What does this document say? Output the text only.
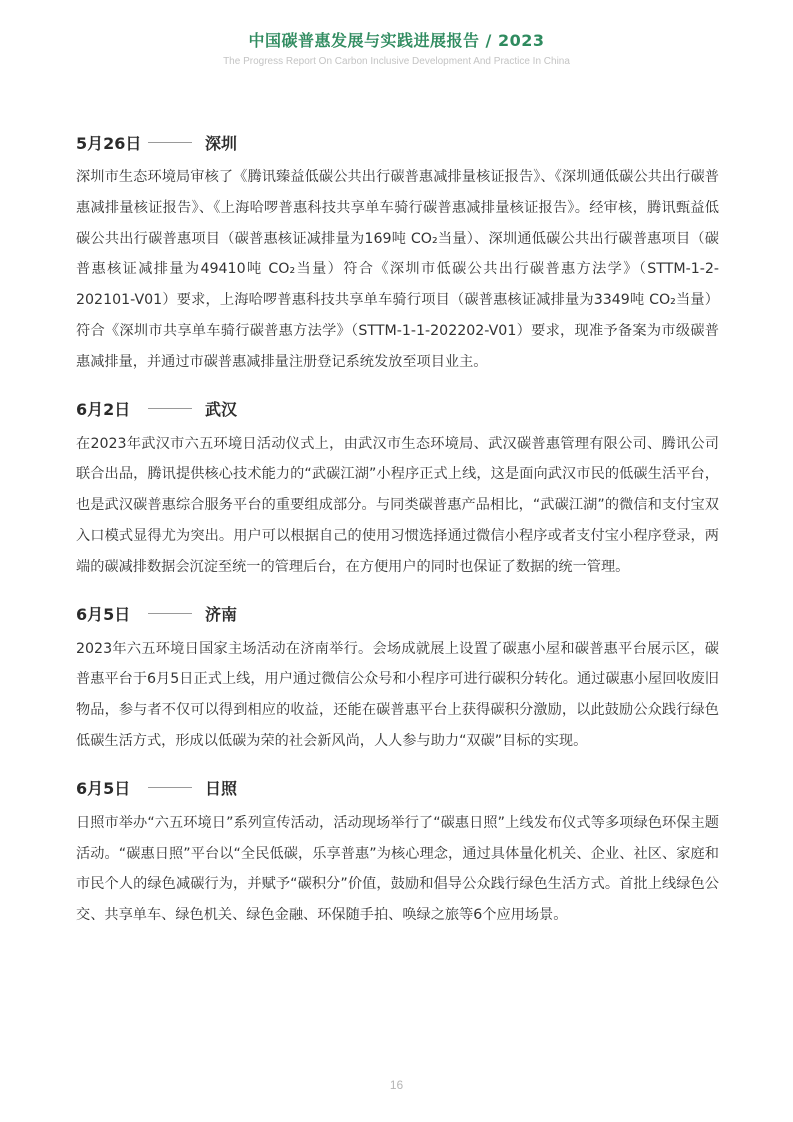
中国碳普惠发展与实践进展报告 / 2023
The Progress Report On Carbon Inclusive Development And Practice In China
5月26日	深圳

深圳市生态环境局审核了《腾讯臻益低碳公共出行碳普惠减排量核证报告》、《深圳通低碳公共出行碳普惠减排量核证报告》、《上海哈啰普惠科技共享单车骑行碳普惠减排量核证报告》。经审核，腾讯甄益低碳公共出行碳普惠项目（碳普惠核证减排量为169吨 CO₂当量）、深圳通低碳公共出行碳普惠项目（碳普惠核证减排量为49410吨 CO₂当量）符合《深圳市低碳公共出行碳普惠方法学》（STTM-1-2-202101-V01）要求，上海哈啰普惠科技共享单车骑行项目（碳普惠核证减排量为3349吨 CO₂当量）符合《深圳市共享单车骑行碳普惠方法学》（STTM-1-1-202202-V01）要求，现准予备案为市级碳普惠减排量，并通过市碳普惠减排量注册登记系统发放至项目业主。

6月2日	武汉

在2023年武汉市六五环境日活动仪式上，由武汉市生态环境局、武汉碳普惠管理有限公司、腾讯公司联合出品，腾讯提供核心技术能力的“武碳江湖”小程序正式上线，这是面向武汉市民的低碳生活平台，也是武汉碳普惠综合服务平台的重要组成部分。与同类碳普惠产品相比，“武碳江湖”的微信和支付宝双入口模式显得尤为突出。用户可以根据自己的使用习惯选择通过微信小程序或者支付宝小程序登录，两端的碳减排数据会沉淀至统一的管理后台，在方便用户的同时也保证了数据的统一管理。

6月5日	济南

2023年六五环境日国家主场活动在济南举行。会场成就展上设置了碳惠小屋和碳普惠平台展示区，碳普惠平台于6月5日正式上线，用户通过微信公众号和小程序可进行碳积分转化。通过碳惠小屋回收废旧物品，参与者不仅可以得到相应的收益，还能在碳普惠平台上获得碳积分激励，以此鼓励公众践行绿色低碳生活方式，形成以低碳为荣的社会新风尚，人人参与助力“双碳”目标的实现。

6月5日	日照

日照市举办“六五环境日”系列宣传活动，活动现场举行了“碳惠日照”上线发布仪式等多项绿色环保主题活动。“碳惠日照”平台以“全民低碳，乐享普惠”为核心理念，通过具体量化机关、企业、社区、家庭和市民个人的绿色减碳行为，并赋予“碳积分”价值，鼓励和倡导公众践行绿色生活方式。首批上线绿色公交、共享单车、绿色机关、绿色金融、环保随手拍、唤绿之旅等6个应用场景。

16
